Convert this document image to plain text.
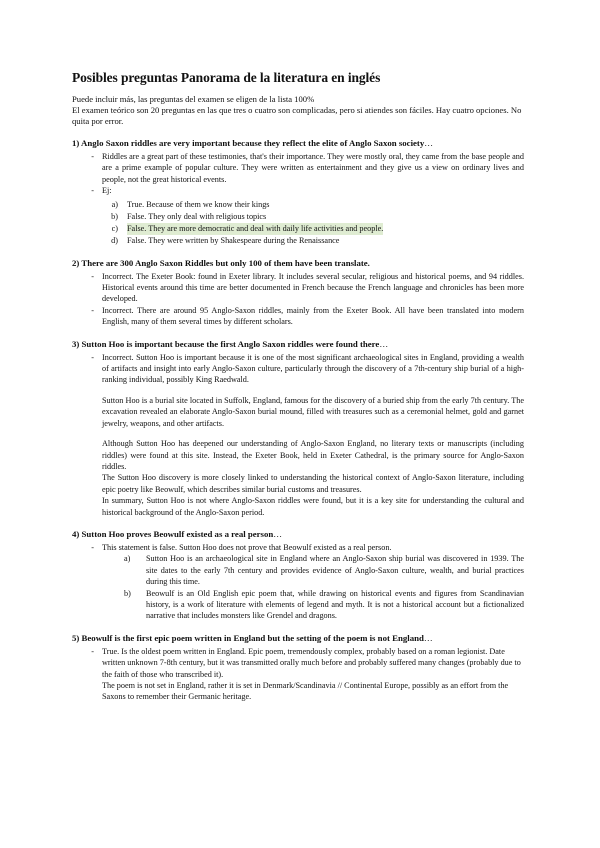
Posibles preguntas Panorama de la literatura en inglés

Puede incluir más, las preguntas del examen se eligen de la lista 100%

El examen teórico son 20 preguntas en las que tres o cuatro son complicadas, pero si atiendes son fáciles. Hay cuatro opciones. No quita por error.

1) Anglo Saxon riddles are very important because they reflect the elite of Anglo Saxon society…
- Riddles are a great part of these testimonies, that's their importance. They were mostly oral, they came from the base people and are a prime example of popular culture. They were written as entertainment and they give us a view on ordinary lives and people, not the great historical events.
- Ej:
a)	True. Because of them we know their kings
b)	False. They only deal with religious topics
c)	False. They are more democratic and deal with daily life activities and people.
d)	False. They were written by Shakespeare during the Renaissance
2) There are 300 Anglo Saxon Riddles but only 100 of them have been translate.
- Incorrect. The Exeter Book: found in Exeter library. It includes several secular, religious and historical poems, and 94 riddles. Historical events around this time are better documented in French because the French language and chronicles has been more developed.
- Incorrect. There are around 95 Anglo-Saxon riddles, mainly from the Exeter Book. All have been translated into modern English, many of them several times by different scholars.
3) Sutton Hoo is important because the first Anglo Saxon riddles were found there…
- Incorrect. Sutton Hoo is important because it is one of the most significant archaeological sites in England, providing a wealth of artifacts and insight into early Anglo-Saxon culture, particularly through the discovery of a 7th-century ship burial of a high-ranking individual, possibly King Raedwald.

Sutton Hoo is a burial site located in Suffolk, England, famous for the discovery of a buried ship from the early 7th century. The excavation revealed an elaborate Anglo-Saxon burial mound, filled with treasures such as a ceremonial helmet, gold and garnet jewelry, weapons, and other artifacts.

Although Sutton Hoo has deepened our understanding of Anglo-Saxon England, no literary texts or manuscripts (including riddles) were found at this site. Instead, the Exeter Book, held in Exeter Cathedral, is the primary source for Anglo-Saxon riddles.

The Sutton Hoo discovery is more closely linked to understanding the historical context of Anglo-Saxon literature, including epic poetry like Beowulf, which describes similar burial customs and treasures.

In summary, Sutton Hoo is not where Anglo-Saxon riddles were found, but it is a key site for understanding the cultural and historical background of the Anglo-Saxon period.

4) Sutton Hoo proves Beowulf existed as a real person…
- This statement is false. Sutton Hoo does not prove that Beowulf existed as a real person.

a)	Sutton Hoo is an archaeological site in England where an Anglo-Saxon ship burial was discovered in 1939. The site dates to the early 7th century and provides evidence of Anglo-Saxon culture, wealth, and burial practices during this time.
b)	Beowulf is an Old English epic poem that, while drawing on historical events and figures from Scandinavian history, is a work of literature with elements of legend and myth. It is not a historical account but a fictionalized narrative that includes monsters like Grendel and dragons.
5) Beowulf is the first epic poem written in England but the setting of the poem is not England…
- True. Is the oldest poem written in England. Epic poem, tremendously complex, probably based on a roman legionist. Date written unknown 7-8th century, but it was transmitted orally much before and probably suffered many changes (probably due to the faith of those who transcribed it).

The poem is not set in England, rather it is set in Denmark/Scandinavia // Continental Europe, possibly as an effort from the Saxons to remember their Germanic heritage.
